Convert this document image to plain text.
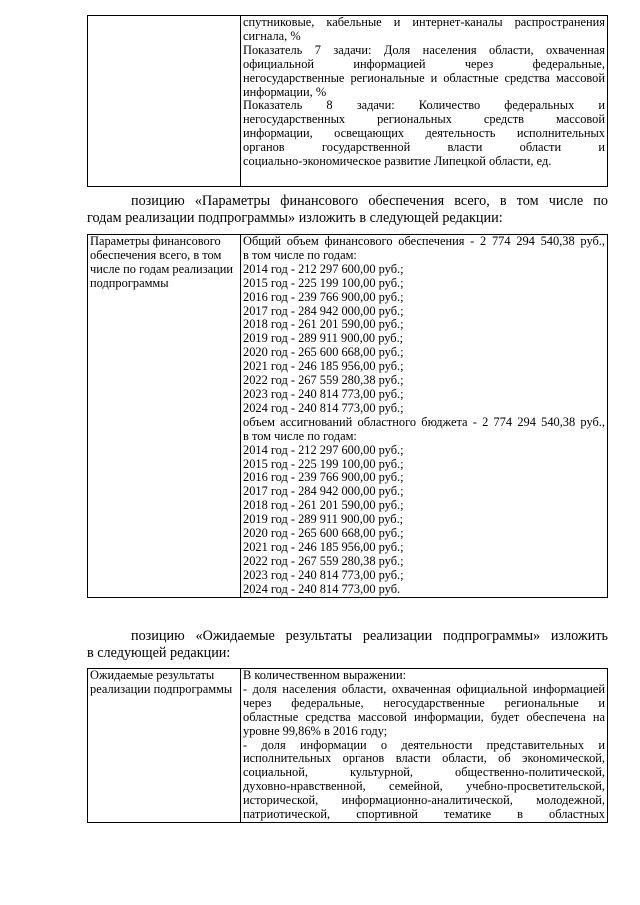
спутниковые, кабельные и интернет-каналы распространения
сигнала, %
Показатель 7 задачи: Доля населения области, охваченная
официальной информацией через федеральные,
негосударственные региональные и областные средства массовой
информации, %
Показатель 8 задачи: Количество федеральных и
негосударственных региональных средств массовой
информации, освещающих деятельность исполнительных
органов государственной власти области и
социально-экономическое развитие Липецкой области, ед.
позицию «Параметры финансового обеспечения всего, в том числе по
годам реализации подпрограммы» изложить в следующей редакции:
Параметры финансового
обеспечения всего, в том
числе по годам реализации
подпрограммы

Общий объем финансового обеспечения - 2 774 294 540,38 руб.,
в том числе по годам:
2014 год - 212 297 600,00 руб.;
2015 год - 225 199 100,00 руб.;
2016 год - 239 766 900,00 руб.;
2017 год - 284 942 000,00 руб.;
2018 год - 261 201 590,00 руб.;
2019 год - 289 911 900,00 руб.;
2020 год - 265 600 668,00 руб.;
2021 год - 246 185 956,00 руб.;
2022 год - 267 559 280,38 руб.;
2023 год - 240 814 773,00 руб.;
2024 год - 240 814 773,00 руб.;
объем ассигнований областного бюджета - 2 774 294 540,38 руб.,
в том числе по годам:
2014 год - 212 297 600,00 руб.;
2015 год - 225 199 100,00 руб.;
2016 год - 239 766 900,00 руб.;
2017 год - 284 942 000,00 руб.;
2018 год - 261 201 590,00 руб.;
2019 год - 289 911 900,00 руб.;
2020 год - 265 600 668,00 руб.;
2021 год - 246 185 956,00 руб.;
2022 год - 267 559 280,38 руб.;
2023 год - 240 814 773,00 руб.;
2024 год - 240 814 773,00 руб.
позицию «Ожидаемые результаты реализации подпрограммы» изложить
в следующей редакции:
Ожидаемые результаты
реализации подпрограммы

В количественном выражении:
- доля населения области, охваченная официальной информацией
через федеральные, негосударственные региональные и
областные средства массовой информации, будет обеспечена на
уровне 99,86% в 2016 году;
- доля информации о деятельности представительных и
исполнительных органов власти области, об экономической,
социальной, культурной, общественно-политической,
духовно-нравственной, семейной, учебно-просветительской,
исторической, информационно-аналитической, молодежной,
патриотической, спортивной тематике в областных
